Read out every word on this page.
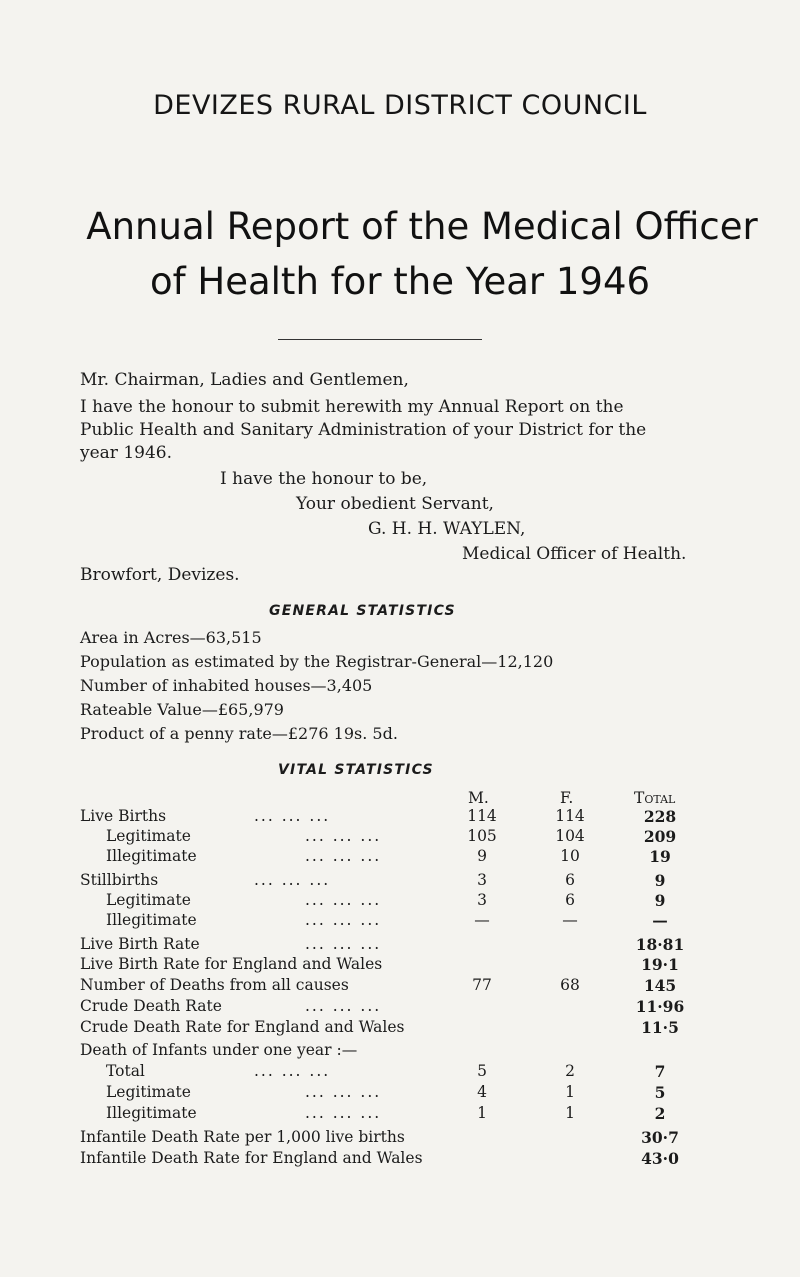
DEVIZES RURAL DISTRICT COUNCIL
Annual Report of the Medical Officer
of Health for the Year 1946
Mr. Chairman, Ladies and Gentlemen,
I have the honour to submit herewith my Annual Report on the
Public Health and Sanitary Administration of your District for the
year 1946.
I have the honour to be,
Your obedient Servant,
G. H. H. WAYLEN,
Medical Officer of Health.
Browfort, Devizes.
GENERAL STATISTICS
Area in Acres—63,515
Population as estimated by the Registrar-General—12,120
Number of inhabited houses—3,405
Rateable Value—£65,979
Product of a penny rate—£276 19s. 5d.
VITAL STATISTICS
M.	F.	Total
Live Births	... ... ...	114	114	228
Legitimate	... ... ...	105	104	209
Illegitimate	... ... ...	9	10	19
Stillbirths	... ... ...	3	6	9
Legitimate	... ... ...	3	6	9
Illegitimate	... ... ...	—	—	—
Live Birth Rate	... ... ...	18·81
Live Birth Rate for England and Wales	19·1
Number of Deaths from all causes	77	68	145
Crude Death Rate	... ... ...	11·96
Crude Death Rate for England and Wales	11·5
Death of Infants under one year :—
Total	... ... ...	5	2	7
Legitimate	... ... ...	4	1	5
Illegitimate	... ... ...	1	1	2
Infantile Death Rate per 1,000 live births	30·7
Infantile Death Rate for England and Wales	43·0
